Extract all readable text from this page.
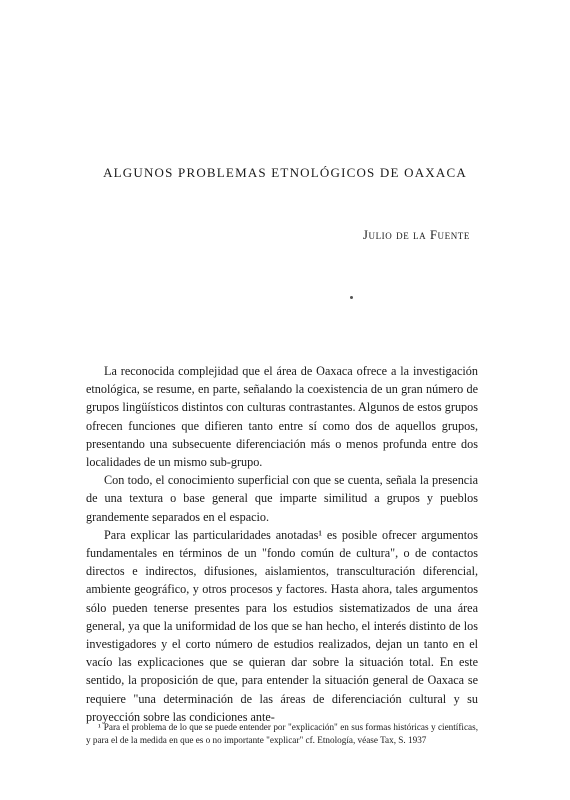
ALGUNOS PROBLEMAS ETNOLÓGICOS DE OAXACA
Julio de la Fuente

La reconocida complejidad que el área de Oaxaca ofrece a la investigación etnológica, se resume, en parte, señalando la coexistencia de un gran número de grupos lingüísticos distintos con culturas contrastantes. Algunos de estos grupos ofrecen funciones que difieren tanto entre sí como dos de aquellos grupos, presentando una subsecuente diferenciación más o menos profunda entre dos localidades de un mismo sub-grupo.

Con todo, el conocimiento superficial con que se cuenta, señala la presencia de una textura o base general que imparte similitud a grupos y pueblos grandemente separados en el espacio.

Para explicar las particularidades anotadas¹ es posible ofrecer argumentos fundamentales en términos de un "fondo común de cultura", o de contactos directos e indirectos, difusiones, aislamientos, transculturación diferencial, ambiente geográfico, y otros procesos y factores. Hasta ahora, tales argumentos sólo pueden tenerse presentes para los estudios sistematizados de una área general, ya que la uniformidad de los que se han hecho, el interés distinto de los investigadores y el corto número de estudios realizados, dejan un tanto en el vacío las explicaciones que se quieran dar sobre la situación total. En este sentido, la proposición de que, para entender la situación general de Oaxaca se requiere "una determinación de las áreas de diferenciación cultural y su proyección sobre las condiciones ante-

¹ Para el problema de lo que se puede entender por "explicación" en sus formas históricas y científicas, y para el de la medida en que es o no importante "explicar" cf. Etnología, véase Tax, S. 1937
